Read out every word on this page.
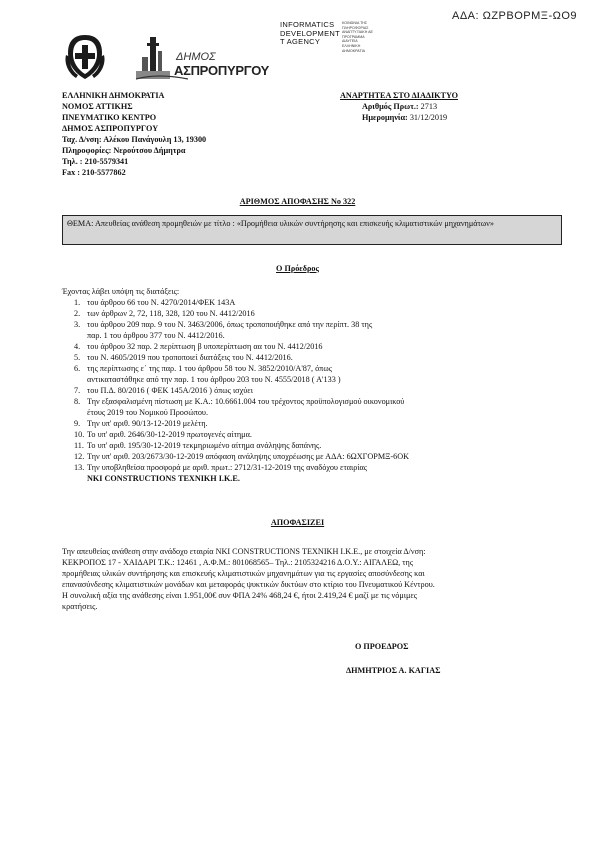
ΑΔΑ: ΩΖΡΒΟΡΜΞ-ΩΟ9
INFORMATICS
DEVELOPMENT
T AGENCY
ΚΟΙΝΩΝΙΑ ΤΗΣ
ΠΛΗΡΟΦΟΡΙΑΣ
ΑΝΑΠΤΥΞΙΑΚΗ ΑΕ
ΠΡΟΓΡΑΜΜΑ
ΔΙΑΥΓΕΙΑ
ΕΛΛΗΝΙΚΗ
ΔΗΜΟΚΡΑΤΙΑ
ΔΗΜΟΣ
ΑΣΠΡΟΠΥΡΓΟΥ
ΕΛΛΗΝΙΚΗ ΔΗΜΟΚΡΑΤΙΑ
ΝΟΜΟΣ ΑΤΤΙΚΗΣ
ΠΝΕΥΜΑΤΙΚΟ ΚΕΝΤΡΟ
ΔΗΜΟΣ ΑΣΠΡΟΠΥΡΓΟΥ
Ταχ. Δ/νση: Αλέκου Πανάγουλη 13, 19300
Πληροφορίες: Νερούτσου Δήμητρα
Τηλ. : 210-5579341
Fax : 210-5577862
ΑΝΑΡΤΗΤΕΑ ΣΤΟ ΔΙΑΔΙΚΤΥΟ
Αριθμός Πρωτ.: 2713
Ημερομηνία: 31/12/2019
ΑΡΙΘΜΟΣ ΑΠΟΦΑΣΗΣ Νο 322
ΘΕΜΑ: Απευθείας ανάθεση προμηθειών με τίτλο : «Προμήθεια υλικών συντήρησης και επισκευής κλιματιστικών μηχανημάτων»
Ο Πρόεδρος
Έχοντας λάβει υπόψη τις διατάξεις:
1. του άρθρου 66 του Ν. 4270/2014/ΦΕΚ 143Α
2. των άρθρων 2, 72, 118, 328, 120 του Ν. 4412/2016
3. του άρθρου 209 παρ. 9 του Ν. 3463/2006, όπως τροποποιήθηκε από την περίπτ. 38 της
παρ. 1 του άρθρου 377 του Ν. 4412/2016.
4. του άρθρου 32 παρ. 2 περίπτωση β υποπερίπτωση αα του Ν. 4412/2016
5. του Ν. 4605/2019 που τροποποιεί διατάξεις του Ν. 4412/2016.
6. της περίπτωσης ε΄ της παρ. 1 του άρθρου 58 του Ν. 3852/2010/Α'87, όπως
αντικαταστάθηκε από την παρ. 1 του άρθρου 203 του Ν. 4555/2018 ( Α'133 )
7. του Π.Δ. 80/2016 ( ΦΕΚ 145Α/2016 ) όπως ισχύει
8. Την εξασφαλισμένη πίστωση με Κ.Α.: 10.6661.004 του τρέχοντος προϋπολογισμού οικονομικού
έτους 2019 του Νομικού Προσώπου.
9. Την υπ' αριθ. 90/13-12-2019 μελέτη.
10. Το υπ' αριθ. 2646/30-12-2019 πρωτογενές αίτημα.
11. Το υπ' αριθ. 195/30-12-2019 τεκμηριωμένο αίτημα ανάληψης δαπάνης.
12. Την υπ' αριθ. 203/2673/30-12-2019 απόφαση ανάληψης υποχρέωσης με ΑΔΑ: 6ΩΧΓΟΡΜΞ-6ΟΚ
13. Την υποβληθείσα προσφορά με αριθ. πρωτ.: 2712/31-12-2019 της αναδόχου εταιρίας
NKI CONSTRUCTIONS ΤΕΧΝΙΚΗ I.K.E.
ΑΠΟΦΑΣΙΖΕΙ
Την απευθείας ανάθεση στην ανάδοχο εταιρία NKI CONSTRUCTIONS ΤΕΧΝΙΚΗ I.K.E., με στοιχεία Δ/νση:
ΚΕΚΡΟΠΟΣ 17 - ΧΑΙΔΑΡΙ Τ.Κ.: 12461 , Α.Φ.Μ.: 801068565– Τηλ.: 2105324216 Δ.Ο.Υ.: ΑΙΓΑΛΕΩ, της
προμήθειας υλικών συντήρησης και επισκευής κλιματιστικών μηχανημάτων για τις εργασίες αποσύνδεσης και
επανασύνδεσης κλιματιστικών μονάδων και μεταφοράς ψυκτικών δικτύων στο κτίριο του Πνευματικού Κέντρου.
Η συνολική αξία της ανάθεσης είναι 1.951,00€ συν ΦΠΑ 24% 468,24 €, ήτοι 2.419,24 € μαζί με τις νόμιμες
κρατήσεις.
Ο ΠΡΟΕΔΡΟΣ
ΔΗΜΗΤΡΙΟΣ Α. ΚΑΓΙΑΣ
